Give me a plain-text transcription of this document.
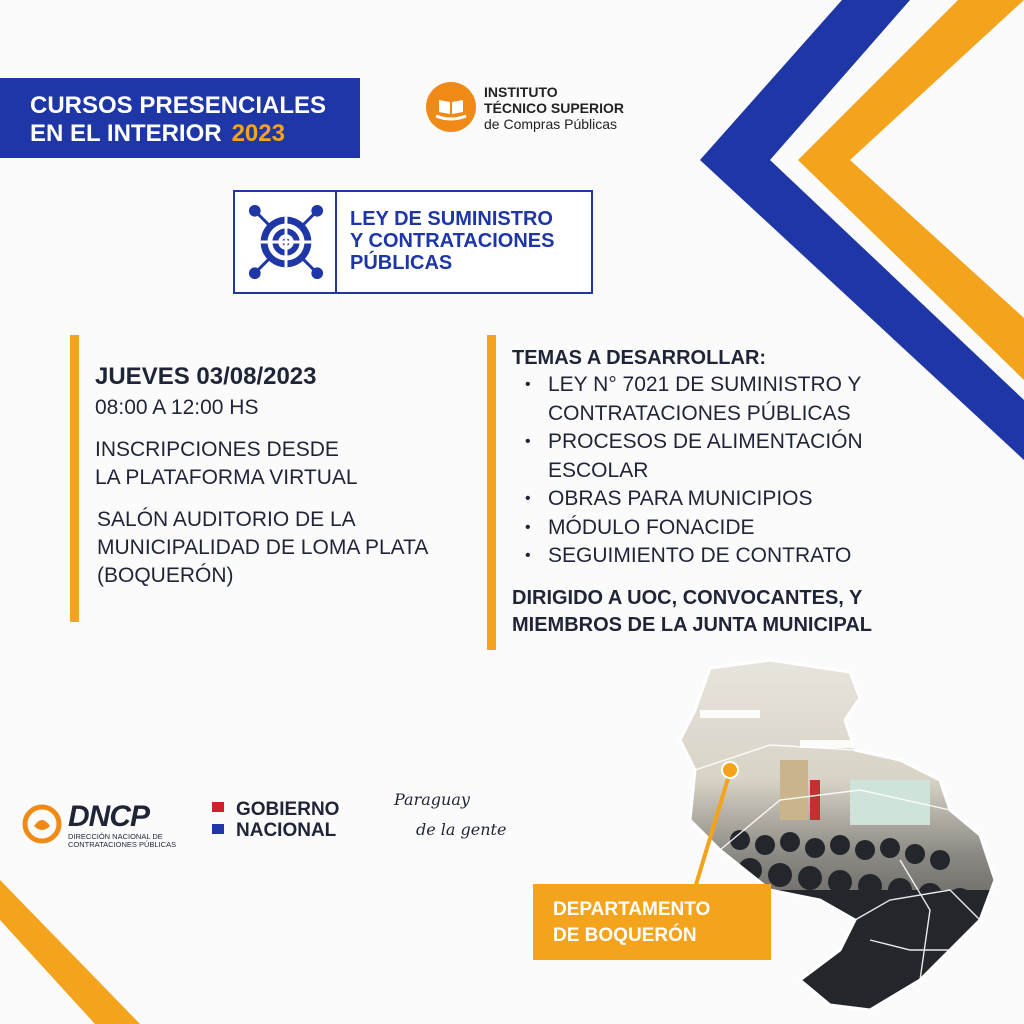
CURSOS PRESENCIALES
EN EL INTERIOR 2023
INSTITUTO
TÉCNICO SUPERIOR
de Compras Públicas
LEY DE SUMINISTRO
Y CONTRATACIONES
PÚBLICAS
JUEVES 03/08/2023
08:00 A 12:00 HS
INSCRIPCIONES DESDE
LA PLATAFORMA VIRTUAL
SALÓN AUDITORIO DE LA
MUNICIPALIDAD DE LOMA PLATA
(BOQUERÓN)
TEMAS A DESARROLLAR:
• LEY N° 7021 DE SUMINISTRO Y
CONTRATACIONES PÚBLICAS
• PROCESOS DE ALIMENTACIÓN
ESCOLAR
• OBRAS PARA MUNICIPIOS
• MÓDULO FONACIDE
• SEGUIMIENTO DE CONTRATO
DIRIGIDO A UOC, CONVOCANTES, Y
MIEMBROS DE LA JUNTA MUNICIPAL
DEPARTAMENTO
DE BOQUERÓN
DNCP
DIRECCIÓN NACIONAL DE
CONTRATACIONES PÚBLICAS
GOBIERNO
NACIONAL
Paraguay
de la gente
